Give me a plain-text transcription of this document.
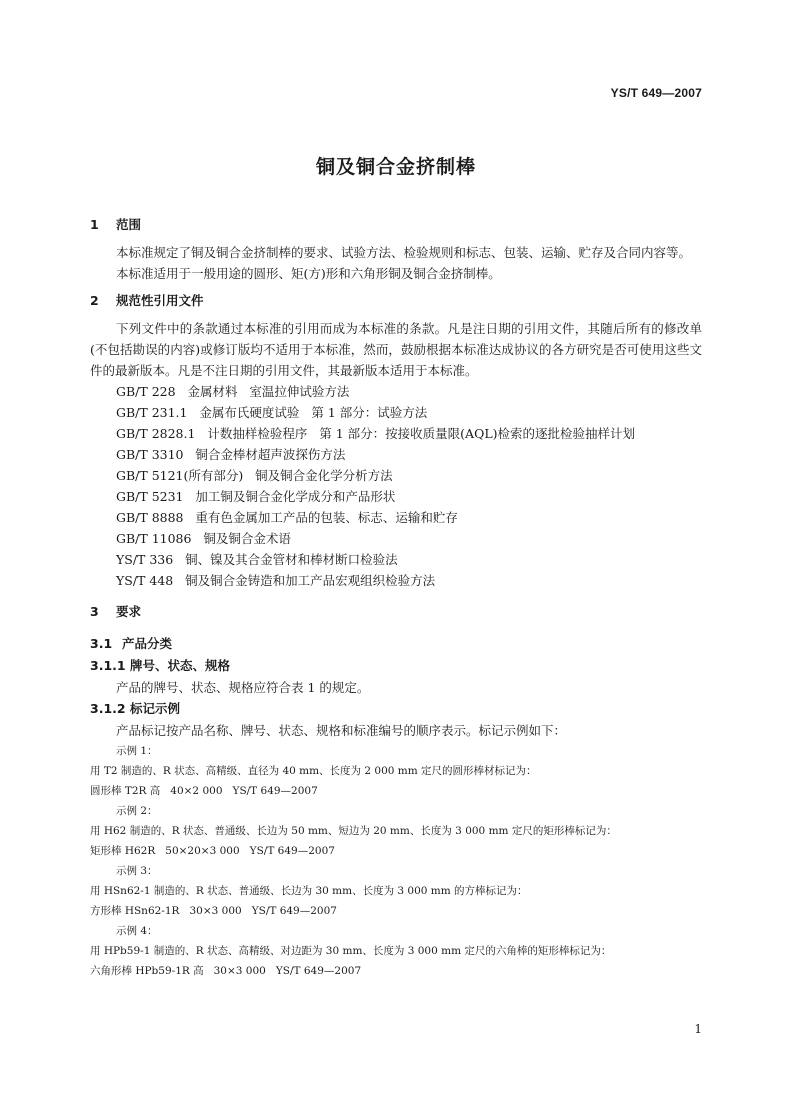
YS/T 649—2007
铜及铜合金挤制棒
1 范围

本标准规定了铜及铜合金挤制棒的要求、试验方法、检验规则和标志、包装、运输、贮存及合同内容等。

本标准适用于一般用途的圆形、矩(方)形和六角形铜及铜合金挤制棒。

2 规范性引用文件

下列文件中的条款通过本标准的引用而成为本标准的条款。凡是注日期的引用文件，其随后所有的修改单(不包括勘误的内容)或修订版均不适用于本标准，然而，鼓励根据本标准达成协议的各方研究是否可使用这些文件的最新版本。凡是不注日期的引用文件，其最新版本适用于本标准。

GB/T 228   金属材料   室温拉伸试验方法
GB/T 231.1   金属布氏硬度试验   第 1 部分：试验方法
GB/T 2828.1   计数抽样检验程序   第 1 部分：按接收质量限(AQL)检索的逐批检验抽样计划
GB/T 3310   铜合金棒材超声波探伤方法
GB/T 5121(所有部分)   铜及铜合金化学分析方法
GB/T 5231   加工铜及铜合金化学成分和产品形状
GB/T 8888   重有色金属加工产品的包装、标志、运输和贮存
GB/T 11086   铜及铜合金术语
YS/T 336   铜、镍及其合金管材和棒材断口检验法
YS/T 448   铜及铜合金铸造和加工产品宏观组织检验方法
3 要求
3.1 产品分类
3.1.1 牌号、状态、规格

产品的牌号、状态、规格应符合表 1 的规定。

3.1.2 标记示例

产品标记按产品名称、牌号、状态、规格和标准编号的顺序表示。标记示例如下：

示例 1：
用 T2 制造的、R 状态、高精级、直径为 40 mm、长度为 2 000 mm 定尺的圆形棒材标记为：
圆形棒 T2R 高   40×2 000   YS/T 649—2007
示例 2：
用 H62 制造的、R 状态、普通级、长边为 50 mm、短边为 20 mm、长度为 3 000 mm 定尺的矩形棒标记为：
矩形棒 H62R   50×20×3 000   YS/T 649—2007
示例 3：
用 HSn62-1 制造的、R 状态、普通级、长边为 30 mm、长度为 3 000 mm 的方棒标记为：
方形棒 HSn62-1R   30×3 000   YS/T 649—2007
示例 4：
用 HPb59-1 制造的、R 状态、高精级、对边距为 30 mm、长度为 3 000 mm 定尺的六角棒的矩形棒标记为：
六角形棒 HPb59-1R 高   30×3 000   YS/T 649—2007
1
